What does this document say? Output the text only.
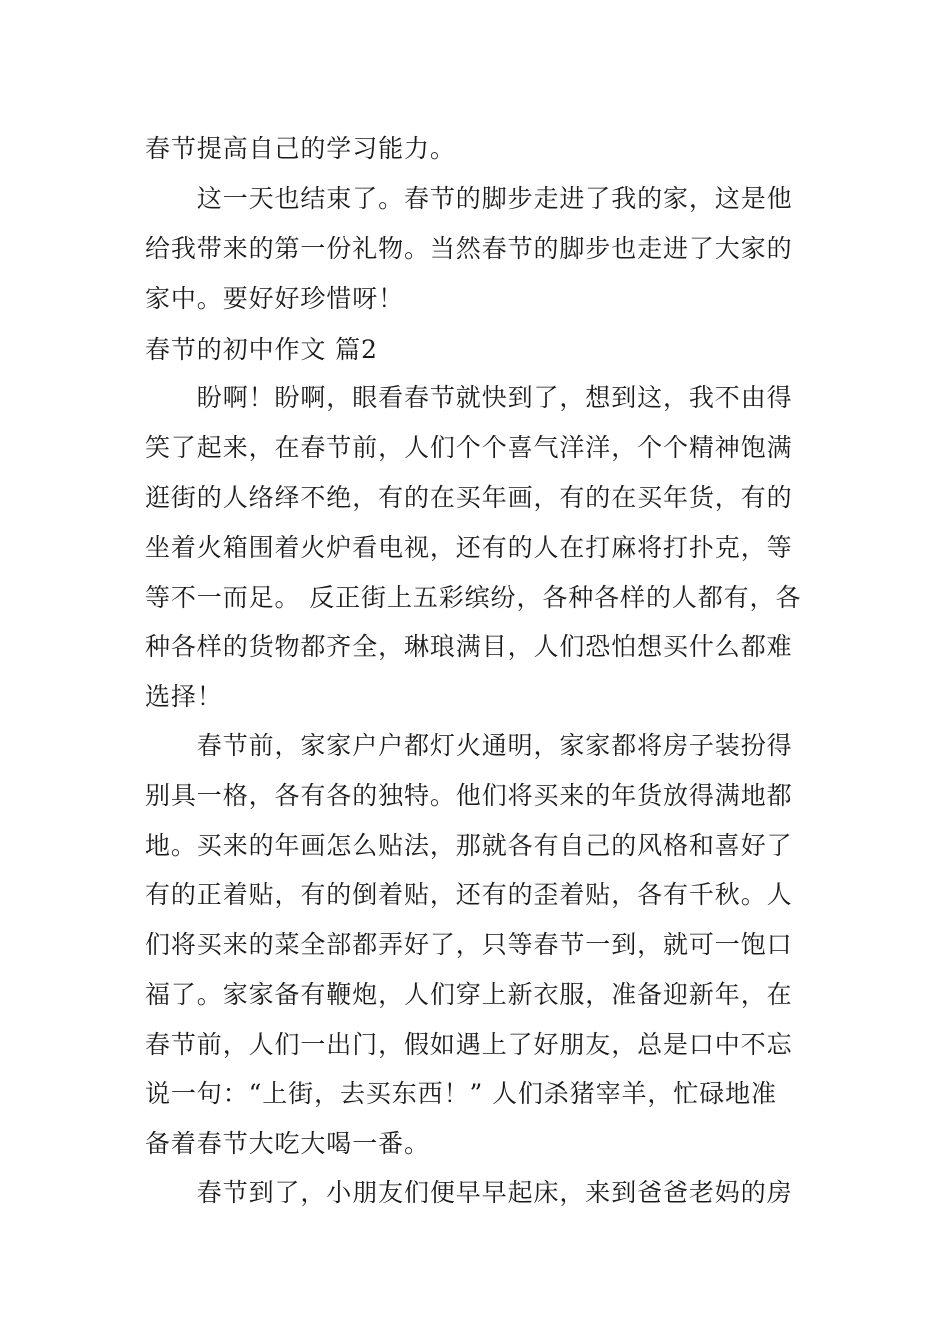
春节提高自己的学习能力。
　　这一天也结束了。春节的脚步走进了我的家，这是他
给我带来的第一份礼物。当然春节的脚步也走进了大家的
家中。要好好珍惜呀！
春节的初中作文 篇2
　　盼啊！盼啊，眼看春节就快到了，想到这，我不由得
笑了起来，在春节前，人们个个喜气洋洋，个个精神饱满
逛街的人络绎不绝，有的在买年画，有的在买年货，有的
坐着火箱围着火炉看电视，还有的人在打麻将打扑克，等
等不一而足。 反正街上五彩缤纷，各种各样的人都有，各
种各样的货物都齐全，琳琅满目，人们恐怕想买什么都难
选择！
　　春节前，家家户户都灯火通明，家家都将房子装扮得
别具一格，各有各的独特。他们将买来的年货放得满地都
地。买来的年画怎么贴法，那就各有自己的风格和喜好了
有的正着贴，有的倒着贴，还有的歪着贴，各有千秋。人
们将买来的菜全部都弄好了，只等春节一到，就可一饱口
福了。家家备有鞭炮，人们穿上新衣服，准备迎新年，在
春节前，人们一出门，假如遇上了好朋友，总是口中不忘
说一句：“上街，去买东西！” 人们杀猪宰羊，忙碌地准
备着春节大吃大喝一番。
　　春节到了，小朋友们便早早起床，来到爸爸老妈的房
